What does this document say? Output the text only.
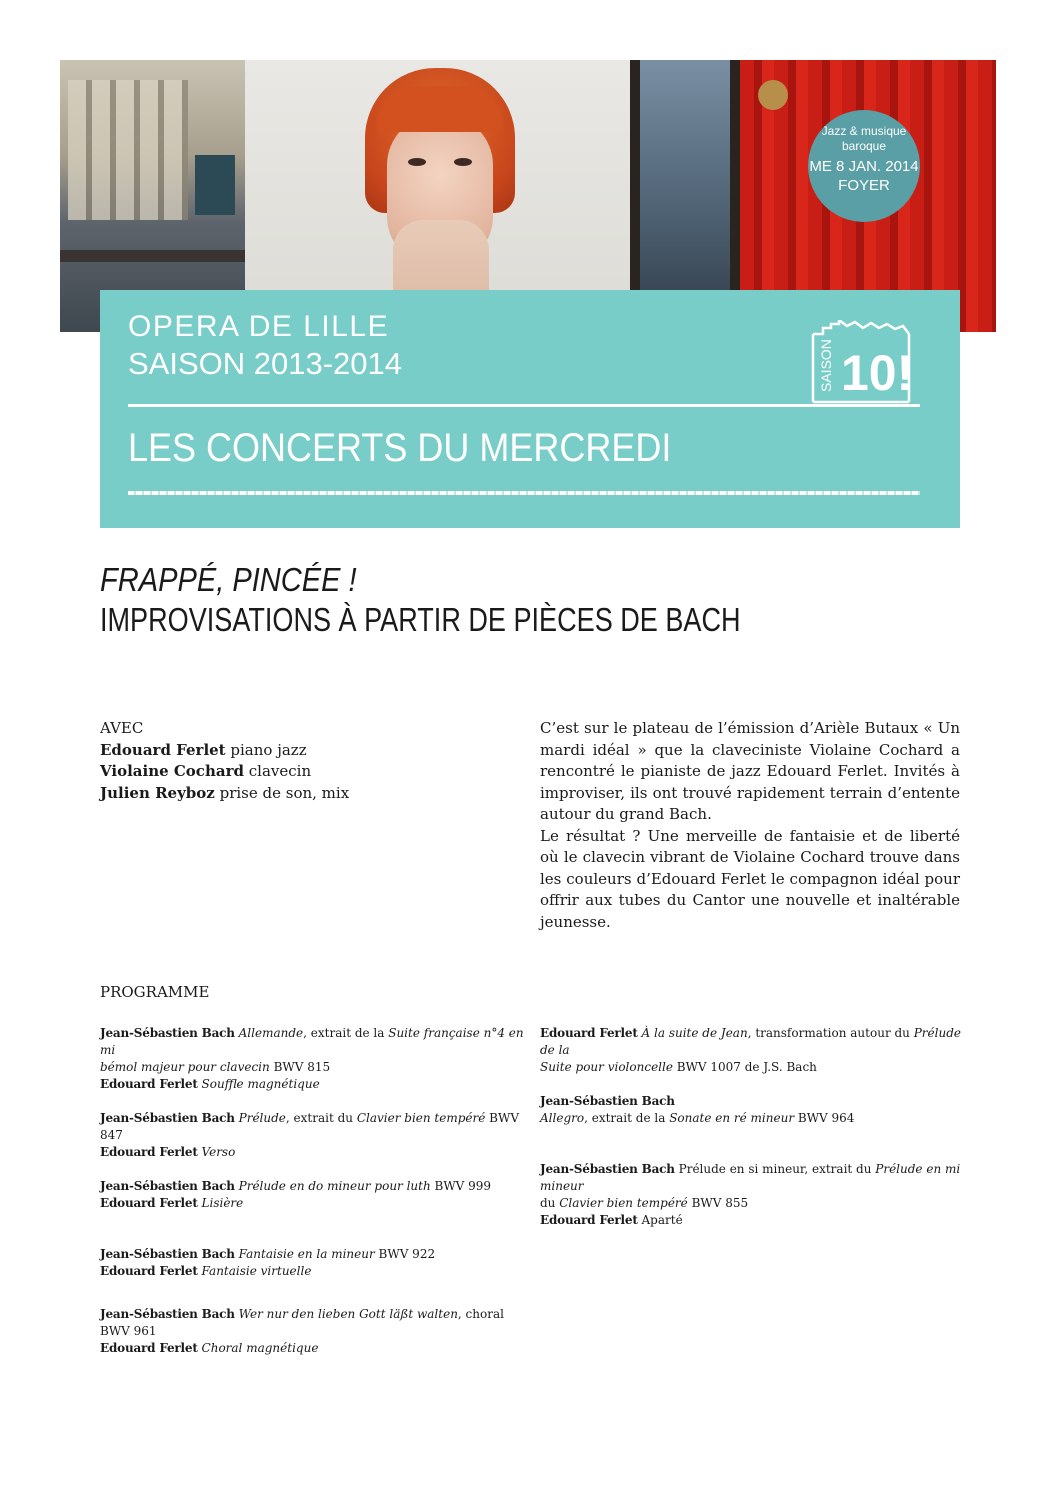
Jazz & musique baroque
ME 8 JAN. 2014
FOYER
OPERA DE LILLE
SAISON 2013-2014
LES CONCERTS DU MERCREDI
SAISON 10!
FRAPPÉ, PINCÉE !
IMPROVISATIONS À PARTIR DE PIÈCES DE BACH
AVEC
Edouard Ferlet piano jazz
Violaine Cochard clavecin
Julien Reyboz prise de son, mix

C’est sur le plateau de l’émission d’Arièle Butaux « Un mardi idéal » que la claveciniste Violaine Cochard a rencontré le pianiste de jazz Edouard Ferlet. Invités à improviser, ils ont trouvé rapidement terrain d’entente autour du grand Bach.

Le résultat ? Une merveille de fantaisie et de liberté où le clavecin vibrant de Violaine Cochard trouve dans les couleurs d’Edouard Ferlet le compagnon idéal pour offrir aux tubes du Cantor une nouvelle et inaltérable jeunesse.

PROGRAMME
Jean-Sébastien Bach Allemande, extrait de la Suite française n°4 en mi
bémol majeur pour clavecin BWV 815
Edouard Ferlet Souffle magnétique
Jean-Sébastien Bach Prélude, extrait du Clavier bien tempéré BWV 847
Edouard Ferlet Verso
Jean-Sébastien Bach Prélude en do mineur pour luth BWV 999
Edouard Ferlet Lisière
Jean-Sébastien Bach Fantaisie en la mineur BWV 922
Edouard Ferlet Fantaisie virtuelle
Jean-Sébastien Bach Wer nur den lieben Gott läßt walten, choral BWV 961
Edouard Ferlet Choral magnétique
Edouard Ferlet À la suite de Jean, transformation autour du Prélude de la
Suite pour violoncelle BWV 1007 de J.S. Bach
Jean-Sébastien Bach
Allegro, extrait de la Sonate en ré mineur BWV 964
Jean-Sébastien Bach Prélude en si mineur, extrait du Prélude en mi mineur
du Clavier bien tempéré BWV 855
Edouard Ferlet Aparté
